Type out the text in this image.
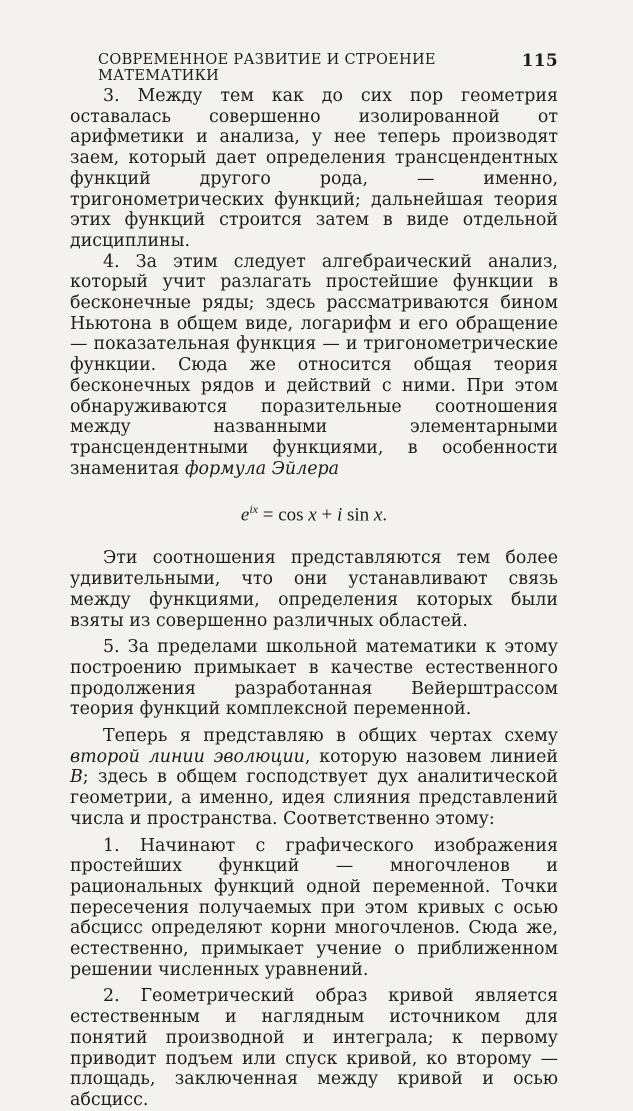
СОВРЕМЕННОЕ РАЗВИТИЕ И СТРОЕНИЕ МАТЕМАТИКИ
115

3. Между тем как до сих пор геометрия оставалась совершенно изолированной от арифметики и анализа, у нее теперь производят заем, который дает определения трансцендентных функций другого рода, — именно, тригонометрических функций; дальнейшая теория этих функций строится затем в виде отдельной дисциплины.

4. За этим следует алгебраический анализ, который учит разлагать простейшие функции в бесконечные ряды; здесь рассматриваются бином Ньютона в общем виде, логарифм и его обращение — показательная функция — и тригонометрические функции. Сюда же относится общая теория бесконечных рядов и действий с ними. При этом обнаруживаются поразительные соотношения между названными элементарными трансцендентными функциями, в особенности знаменитая формула Эйлера

$e^{ix} = \cos x + i$ sin x.

Эти соотношения представляются тем более удивительными, что они устанавливают связь между функциями, определения которых были взяты из совершенно различных областей.

5. За пределами школьной математики к этому построению примыкает в качестве естественного продолжения разработанная Вейерштрассом теория функций комплексной переменной.

Теперь я представляю в общих чертах схему второй линии эволюции, которую назовем линией B; здесь в общем господствует дух аналитической геометрии, а именно, идея слияния представлений числа и пространства. Соответственно этому:

1. Начинают с графического изображения простейших функций — многочленов и рациональных функций одной переменной. Точки пересечения получаемых при этом кривых с осью абсцисс определяют корни многочленов. Сюда же, естественно, примыкает учение о приближенном решении численных уравнений.

2. Геометрический образ кривой является естественным и наглядным источником для понятий производной и интеграла; к первому приводит подъем или спуск кривой, ко второму — площадь, заключенная между кривой и осью абсцисс.
